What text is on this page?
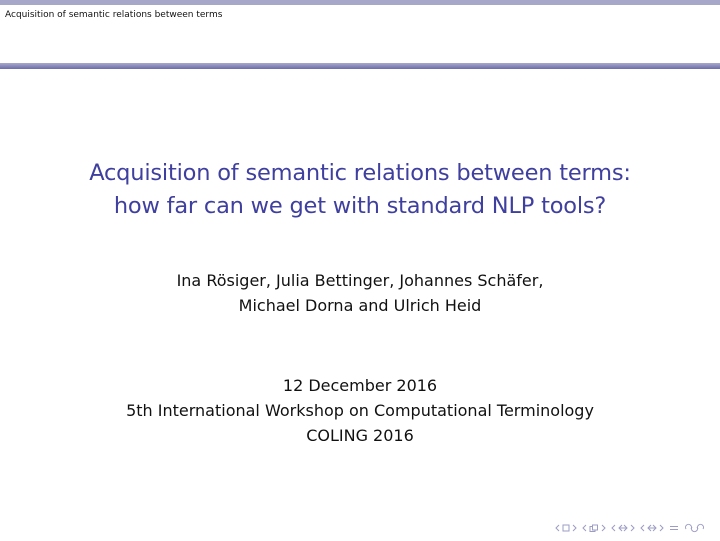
Acquisition of semantic relations between terms
Acquisition of semantic relations between terms:
how far can we get with standard NLP tools?
Ina Rösiger, Julia Bettinger, Johannes Schäfer,
Michael Dorna and Ulrich Heid
12 December 2016
5th International Workshop on Computational Terminology
COLING 2016
